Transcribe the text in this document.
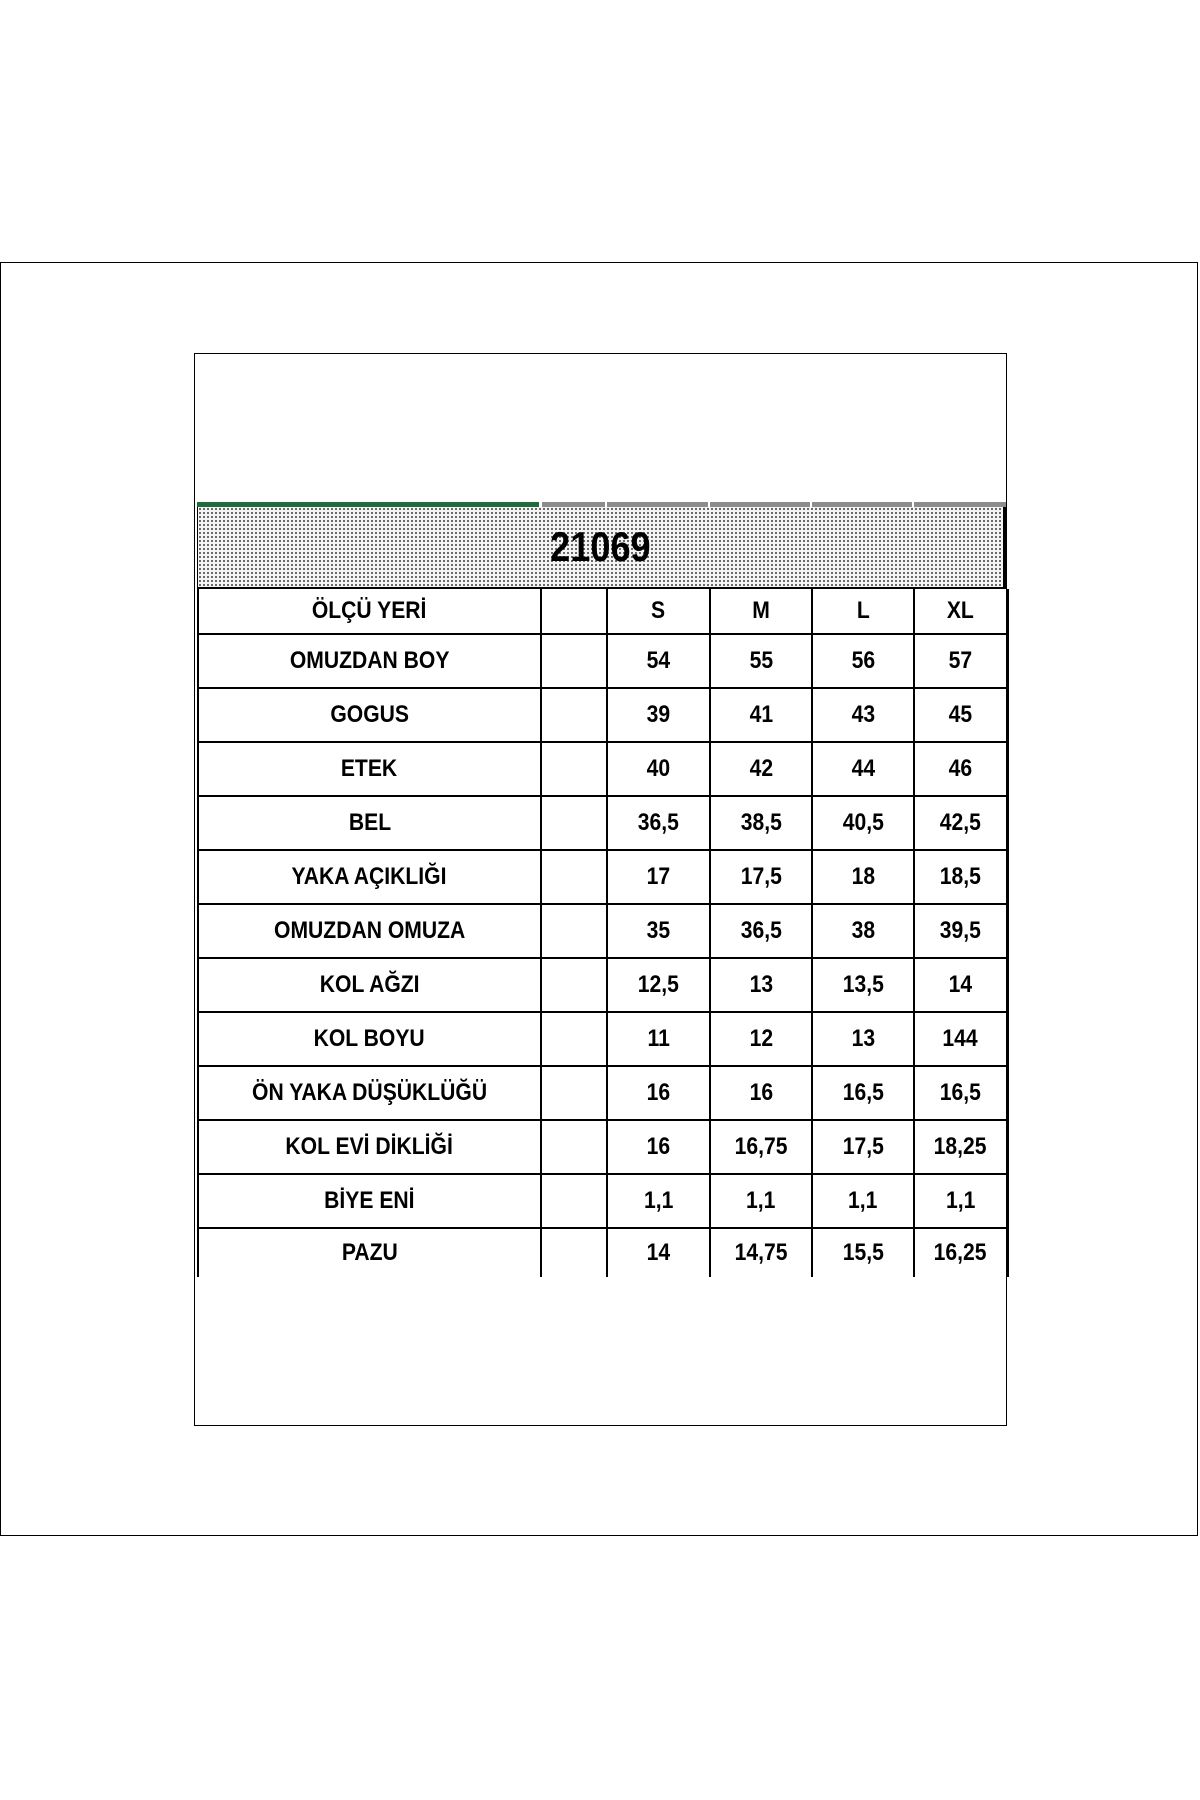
21069
ÖLÇÜ YERİ		S	M	L	XL
OMUZDAN BOY		54	55	56	57
GOGUS		39	41	43	45
ETEK		40	42	44	46
BEL		36,5	38,5	40,5	42,5
YAKA AÇIKLIĞI		17	17,5	18	18,5
OMUZDAN OMUZA		35	36,5	38	39,5
KOL AĞZI		12,5	13	13,5	14
KOL BOYU		11	12	13	144
ÖN YAKA DÜŞÜKLÜĞÜ		16	16	16,5	16,5
KOL EVİ DİKLİĞİ		16	16,75	17,5	18,25
BİYE ENİ		1,1	1,1	1,1	1,1
PAZU		14	14,75	15,5	16,25
